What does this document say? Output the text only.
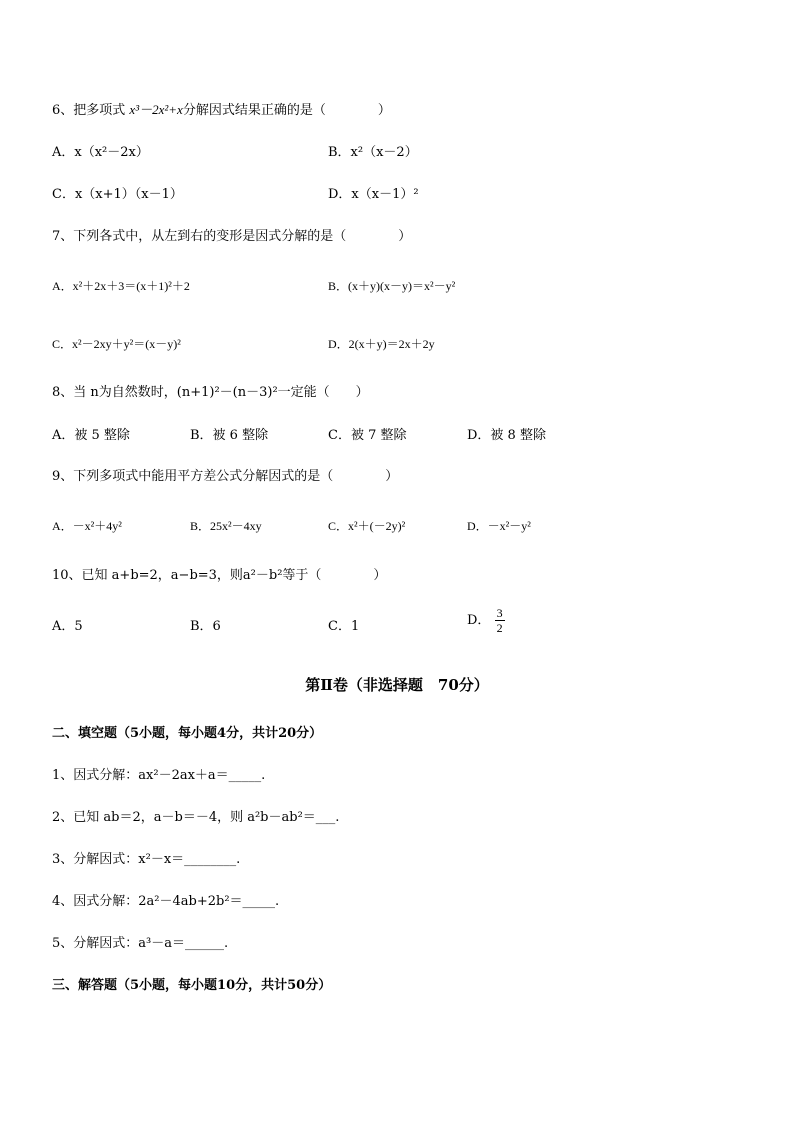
6、把多项式 x³－2x²+x分解因式结果正确的是（　　　　）
A．x（x²－2x）	B．x²（x－2）
C．x（x+1）（x－1）	D．x（x－1）²
7、下列各式中，从左到右的变形是因式分解的是（　　　　）
A．x²＋2x＋3＝(x＋1)²＋2	B．(x＋y)(x－y)＝x²－y²
C．x²－2xy＋y²＝(x－y)²	D．2(x＋y)＝2x＋2y
8、当 n为自然数时，(n+1)²－(n－3)²一定能（　　）
A．被 5 整除	B．被 6 整除	C．被 7 整除	D．被 8 整除
9、下列多项式中能用平方差公式分解因式的是（　　　　）
A．－x²＋4y²	B．25x²－4xy	C．x²＋(－2y)²	D．－x²－y²
10、已知 a+b=2，a−b=3，则a²－b²等于（　　　　）
A．5	B．6	C．1	D． $\frac{3}{2}$
第Ⅱ卷（非选择题　70分）
二、填空题（5小题，每小题4分，共计20分）
1、因式分解：ax²－2ax＋a＝_____.
2、已知 ab＝2，a－b＝－4，则 a²b－ab²＝___.
3、分解因式：x²－x＝________.
4、因式分解：2a²－4ab+2b²＝_____.
5、分解因式：a³－a＝______.
三、解答题（5小题，每小题10分，共计50分）
